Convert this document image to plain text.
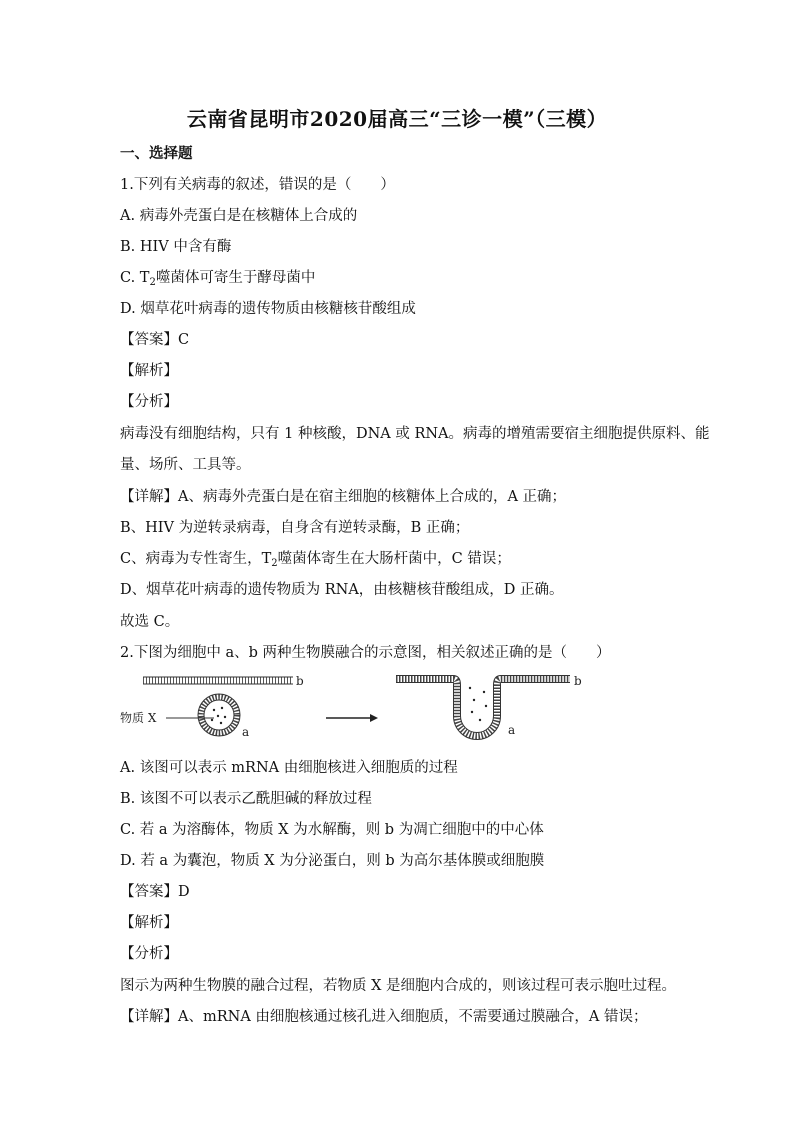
云南省昆明市2020届高三“三诊一模”（三模）
一、选择题
1.下列有关病毒的叙述，错误的是（　　）
A. 病毒外壳蛋白是在核糖体上合成的
B. HIV 中含有酶
C. $T_2$噬菌体可寄生于酵母菌中
D. 烟草花叶病毒的遗传物质由核糖核苷酸组成
【答案】C
【解析】
【分析】
病毒没有细胞结构，只有 1 种核酸，DNA 或 RNA。病毒的增殖需要宿主细胞提供原料、能
量、场所、工具等。
【详解】A、病毒外壳蛋白是在宿主细胞的核糖体上合成的，A 正确；
B、HIV 为逆转录病毒，自身含有逆转录酶，B 正确；
C、病毒为专性寄生，$T_2$噬菌体寄生在大肠杆菌中，C 错误；
D、烟草花叶病毒的遗传物质为 RNA，由核糖核苷酸组成，D 正确。
故选 C。
2.下图为细胞中 a、b 两种生物膜融合的示意图，相关叙述正确的是（　　）
b
物质 X
a
b
a
A. 该图可以表示 mRNA 由细胞核进入细胞质的过程
B. 该图不可以表示乙酰胆碱的释放过程
C. 若 a 为溶酶体，物质 X 为水解酶，则 b 为凋亡细胞中的中心体
D. 若 a 为囊泡，物质 X 为分泌蛋白，则 b 为高尔基体膜或细胞膜
【答案】D
【解析】
【分析】
图示为两种生物膜的融合过程，若物质 X 是细胞内合成的，则该过程可表示胞吐过程。
【详解】A、mRNA 由细胞核通过核孔进入细胞质，不需要通过膜融合，A 错误；
